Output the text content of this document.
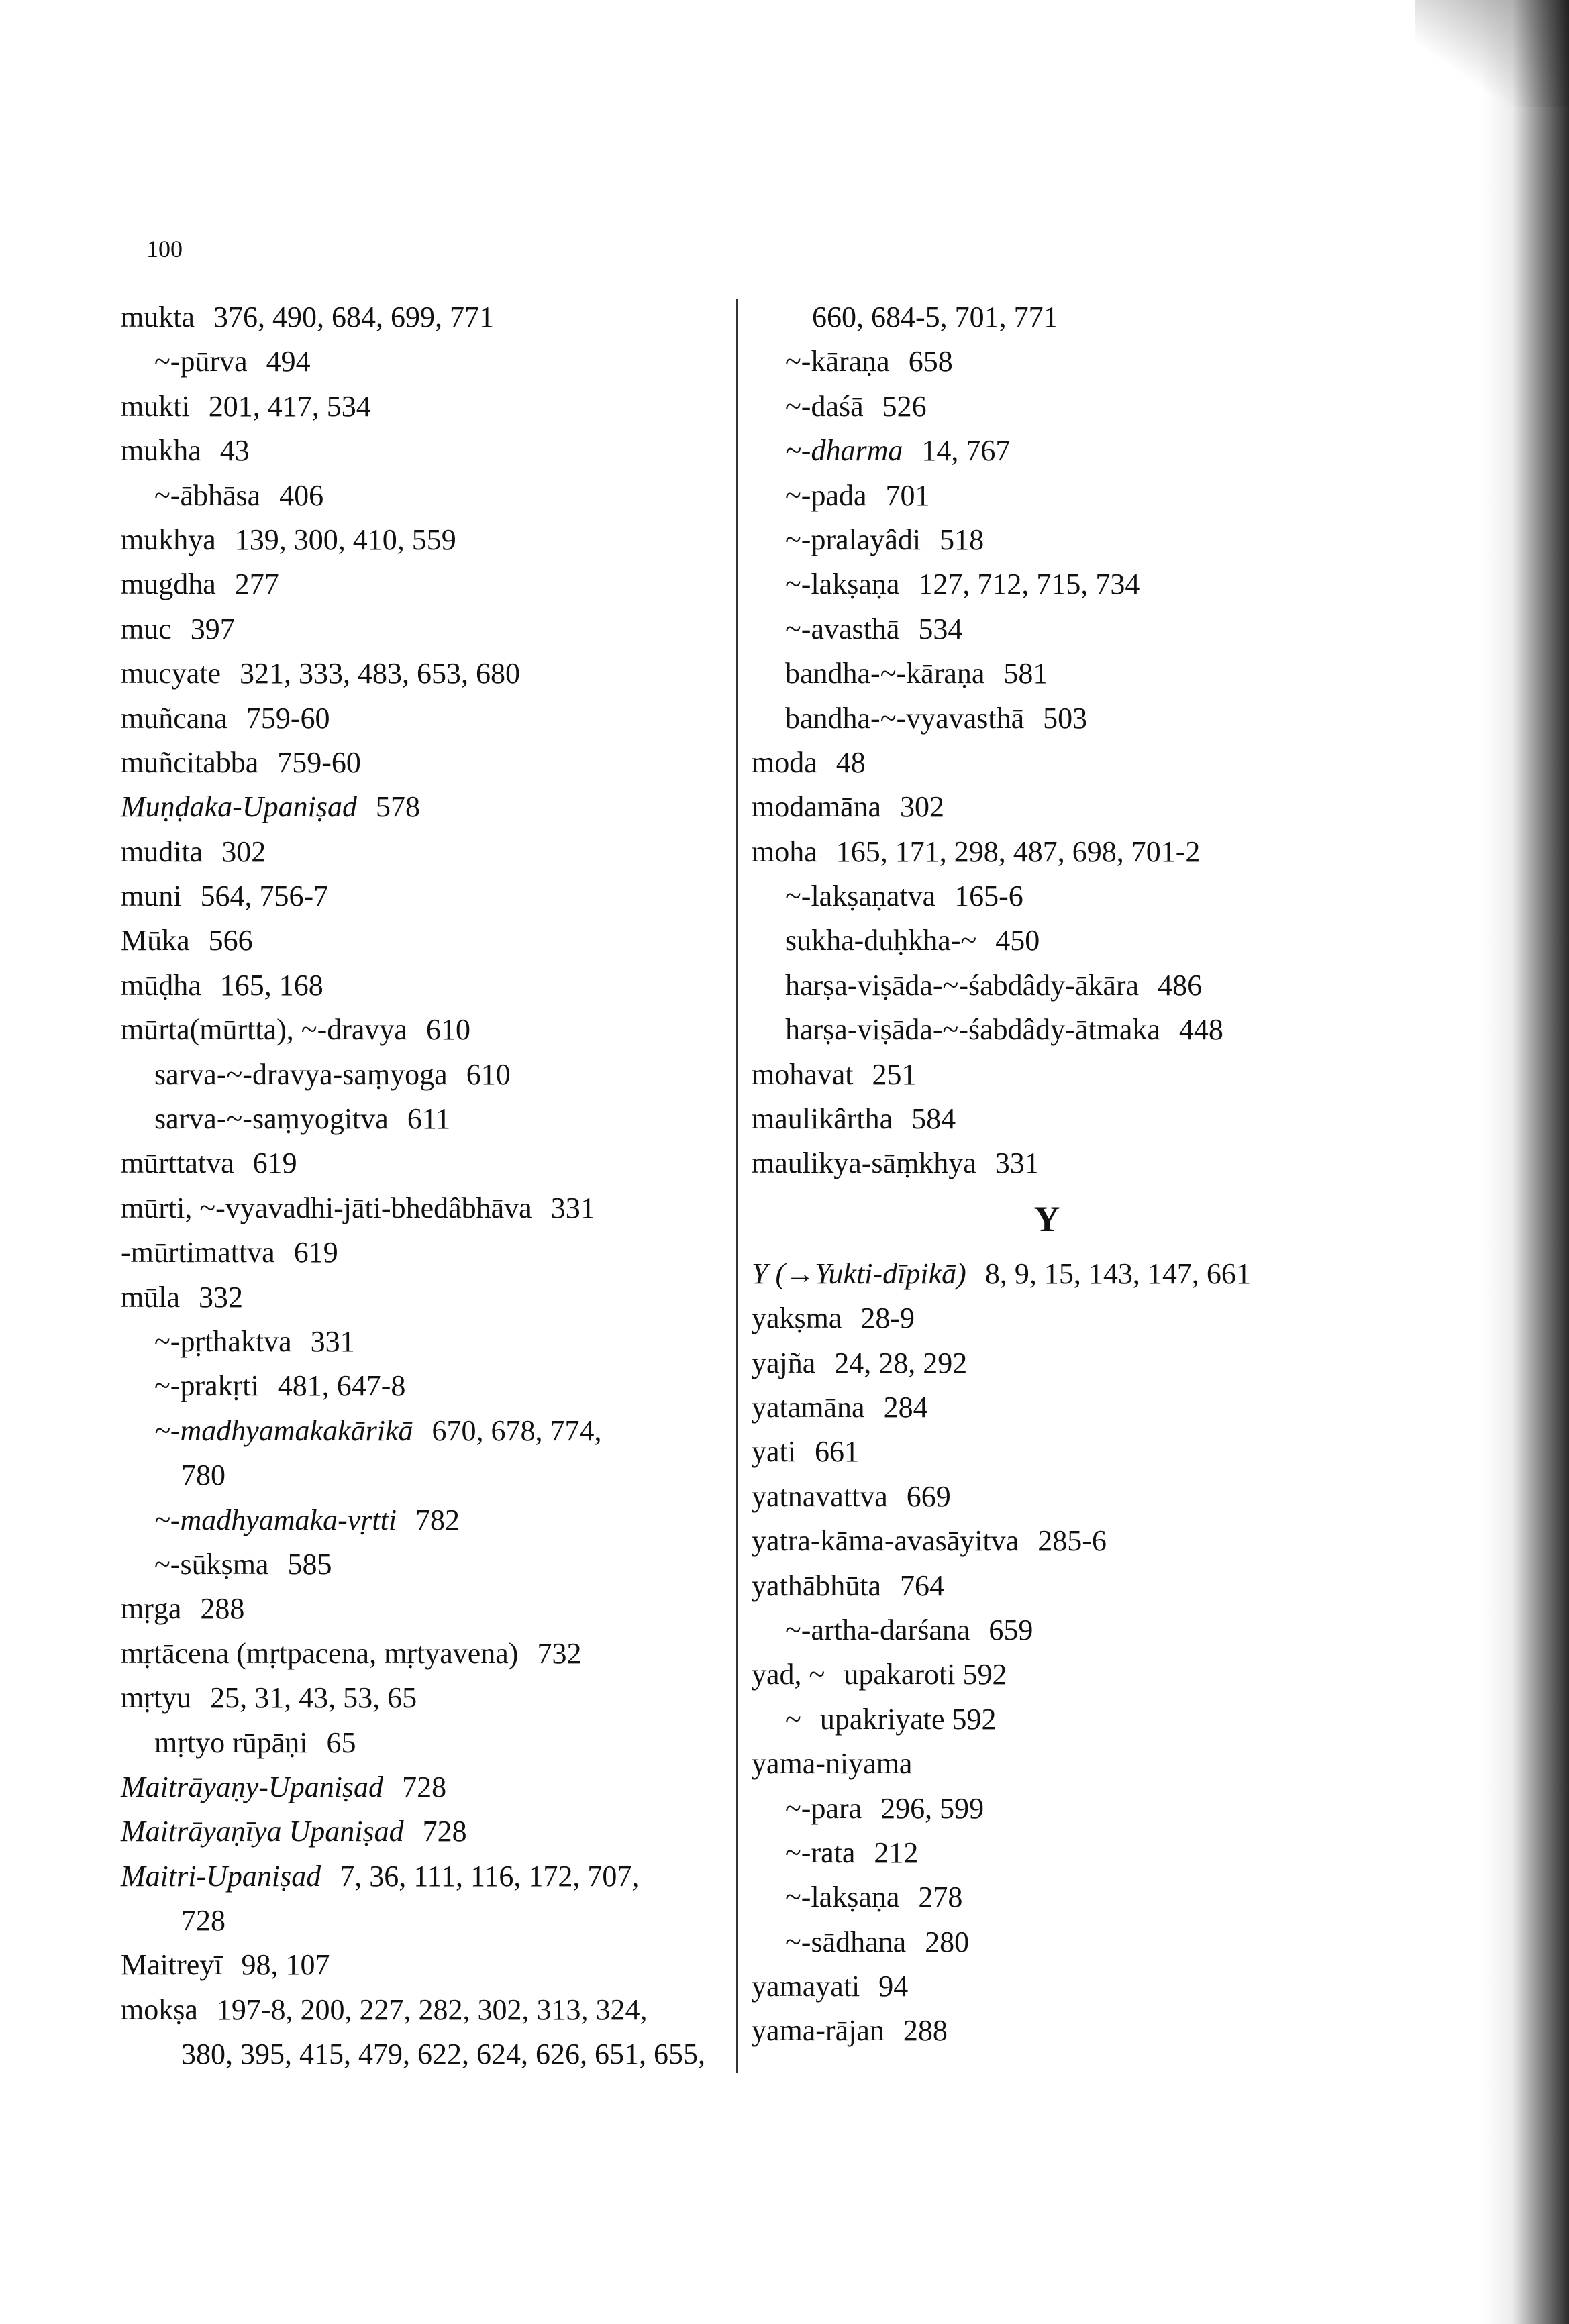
100
mukta 376, 490, 684, 699, 771
~-pūrva 494
mukti 201, 417, 534
mukha 43
~-ābhāsa 406
mukhya 139, 300, 410, 559
mugdha 277
muc 397
mucyate 321, 333, 483, 653, 680
muñcana 759-60
muñcitabba 759-60
Muṇḍaka-Upaniṣad 578
mudita 302
muni 564, 756-7
Mūka 566
mūḍha 165, 168
mūrta(mūrtta), ~-dravya 610
sarva-~-dravya-saṃyoga 610
sarva-~-saṃyogitva 611
mūrttatva 619
mūrti, ~-vyavadhi-jāti-bhedâbhāva 331
-mūrtimattva 619
mūla 332
~-pṛthaktva 331
~-prakṛti 481, 647-8
~-madhyamakakārikā 670, 678, 774,
780
~-madhyamaka-vṛtti 782
~-sūkṣma 585
mṛga 288
mṛtācena (mṛtpacena, mṛtyavena) 732
mṛtyu 25, 31, 43, 53, 65
mṛtyo rūpāṇi 65
Maitrāyaṇy-Upaniṣad 728
Maitrāyaṇīya Upaniṣad 728
Maitri-Upaniṣad 7, 36, 111, 116, 172, 707,
728
Maitreyī 98, 107
mokṣa 197-8, 200, 227, 282, 302, 313, 324,
380, 395, 415, 479, 622, 624, 626, 651, 655,
660, 684-5, 701, 771
~-kāraṇa 658
~-daśā 526
~-dharma 14, 767
~-pada 701
~-pralayâdi 518
~-lakṣaṇa 127, 712, 715, 734
~-avasthā 534
bandha-~-kāraṇa 581
bandha-~-vyavasthā 503
moda 48
modamāna 302
moha 165, 171, 298, 487, 698, 701-2
~-lakṣaṇatva 165-6
sukha-duḥkha-~ 450
harṣa-viṣāda-~-śabdâdy-ākāra 486
harṣa-viṣāda-~-śabdâdy-ātmaka 448
mohavat 251
maulikârtha 584
maulikya-sāṃkhya 331
Y
Y (→Yukti-dīpikā) 8, 9, 15, 143, 147, 661
yakṣma 28-9
yajña 24, 28, 292
yatamāna 284
yati 661
yatnavattva 669
yatra-kāma-avasāyitva 285-6
yathābhūta 764
~-artha-darśana 659
yad, ~ upakaroti 592
~ upakriyate 592
yama-niyama
~-para 296, 599
~-rata 212
~-lakṣaṇa 278
~-sādhana 280
yamayati 94
yama-rājan 288
